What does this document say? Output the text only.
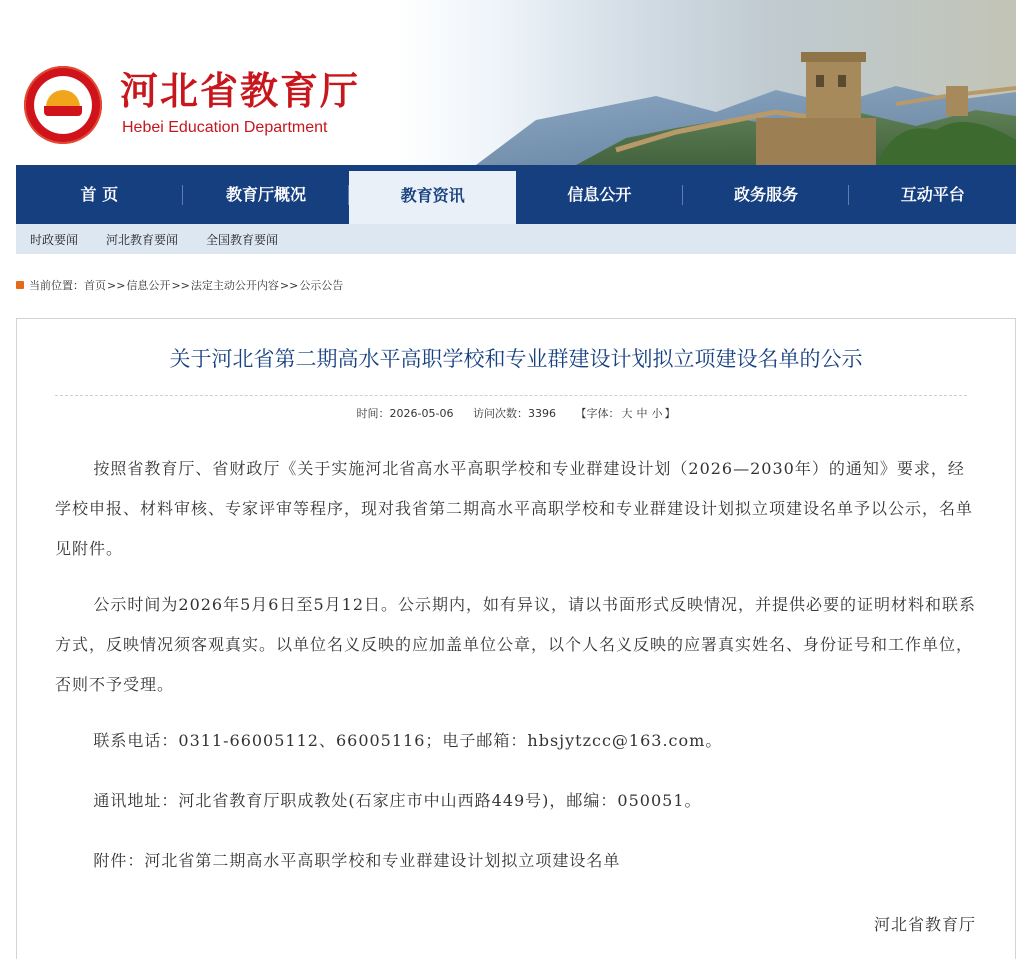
河北省教育厅
Hebei Education Department
首 页	教育厅概况	教育资讯	信息公开	政务服务	互动平台
时政要闻 河北教育要闻 全国教育要闻
当前位置： 首页 >> 信息公开 >> 法定主动公开内容 >> 公示公告
关于河北省第二期高水平高职学校和专业群建设计划拟立项建设名单的公示
时间：2026-05-06 访问次数：3396 【字体： 大 中 小 】

按照省教育厅、省财政厅《关于实施河北省高水平高职学校和专业群建设计划（2026—2030年）的通知》要求，经学校申报、材料审核、专家评审等程序，现对我省第二期高水平高职学校和专业群建设计划拟立项建设名单予以公示，名单见附件。

公示时间为2026年5月6日至5月12日。公示期内，如有异议，请以书面形式反映情况，并提供必要的证明材料和联系方式，反映情况须客观真实。以单位名义反映的应加盖单位公章，以个人名义反映的应署真实姓名、身份证号和工作单位，否则不予受理。

联系电话：0311-66005112、66005116；电子邮箱：hbsjytzcc@163.com。

通讯地址：河北省教育厅职成教处(石家庄市中山西路449号)，邮编：050051。

附件：河北省第二期高水平高职学校和专业群建设计划拟立项建设名单

河北省教育厅
